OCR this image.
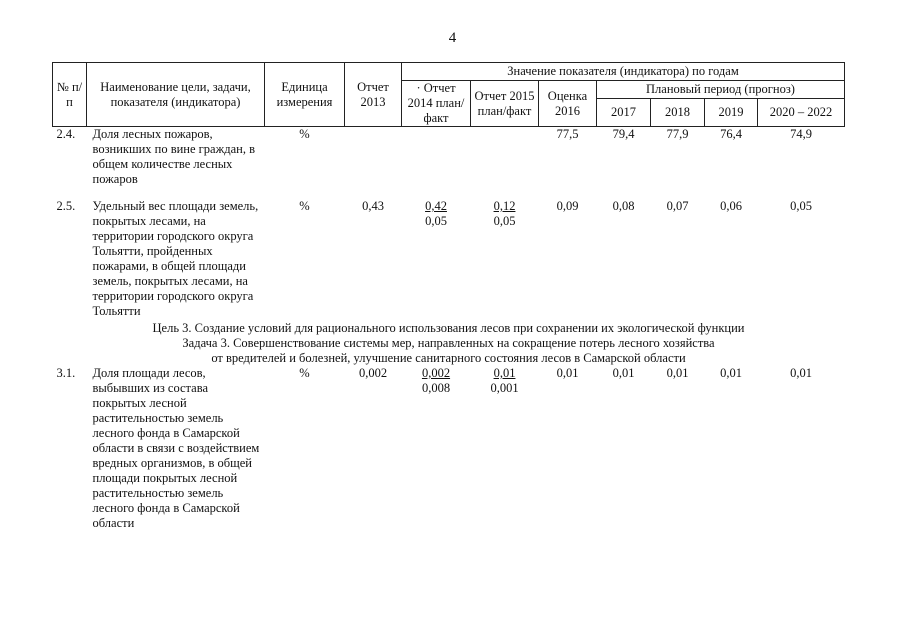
4
№ п/п	Наименование цели, задачи, показателя (индикатора)	Единица измерения	Отчет 2013	Значение показателя (индикатора) по годам						
				· Отчет 2014 план/факт	Отчет 2015 план/факт	Оценка 2016	Плановый период (прогноз)			
							2017	2018	2019	2020 – 2022
2.4.	Доля лесных пожаров, возникших по вине граждан, в общем количестве лесных пожаров	%				77,5	79,4	77,9	76,4	74,9

2.5.	Удельный вес площади земель, покрытых лесами, на территории городского округа Тольятти, пройденных пожарами, в общей площади земель, покрытых лесами, на территории городского округа Тольятти	%	0,43	$\frac{0,42}{0,05}$	$\frac{0,12}{0,05}$	0,09	0,08	0,07	0,06	0,05
Цель 3. Создание условий для рационального использования лесов при сохранении их экологической функции										

Задача 3. Совершенствование системы мер, направленных на сокращение потерь лесного хозяйства
от вредителей и болезней, улучшение санитарного состояния лесов в Самарской области										

3.1.	Доля площади лесов, выбывших из состава покрытых лесной растительностью земель лесного фонда в Самарской области в связи с воздействием вредных организмов, в общей площади покрытых лесной растительностью земель лесного фонда в Самарской области	%	0,002	$\frac{0,002}{0,008}$	$\frac{0,01}{0,001}$	0,01	0,01	0,01	0,01	0,01
